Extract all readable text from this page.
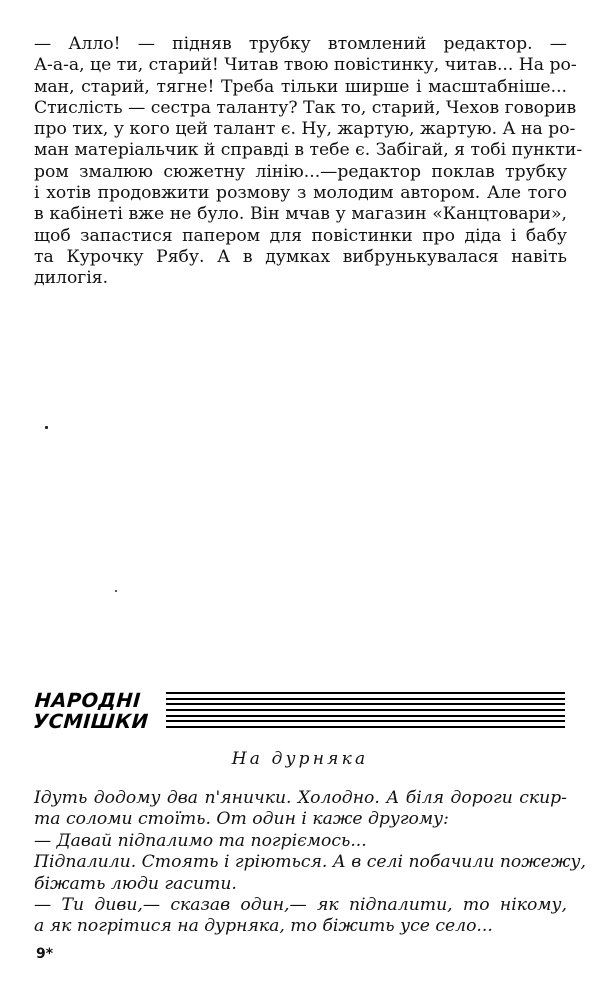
— Алло! — підняв трубку втомлений редактор. —
А-а-а, це ти, старий! Читав твою повістинку, читав... На ро-
ман, старий, тягне! Треба тільки ширше і масштабніше...
Стислість — сестра таланту? Так то, старий, Чехов говорив
про тих, у кого цей талант є. Ну, жартую, жартую. А на ро-
ман матеріальчик й справді в тебе є. Забігай, я тобі пункти-
ром змалюю сюжетну лінію...—редактор поклав трубку
і хотів продовжити розмову з молодим автором. Але того
в кабінеті вже не було. Він мчав у магазин «Канцтовари»,
щоб запастися папером для повістинки про діда і бабу
та Курочку Рябу. А в думках вибрунькувалася навіть
дилогія.
НАРОДНІ
УСМІШКИ
На дурняка
Ідуть додому два п'янички. Холодно. А біля дороги скир-
та соломи стоїть. От один і каже другому:
— Давай підпалимо та погріємось...
Підпалили. Стоять і гріються. А в селі побачили пожежу,
біжать люди гасити.
— Ти диви,— сказав один,— як підпалити, то нікому,
а як погрітися на дурняка, то біжить усе село...
9*
